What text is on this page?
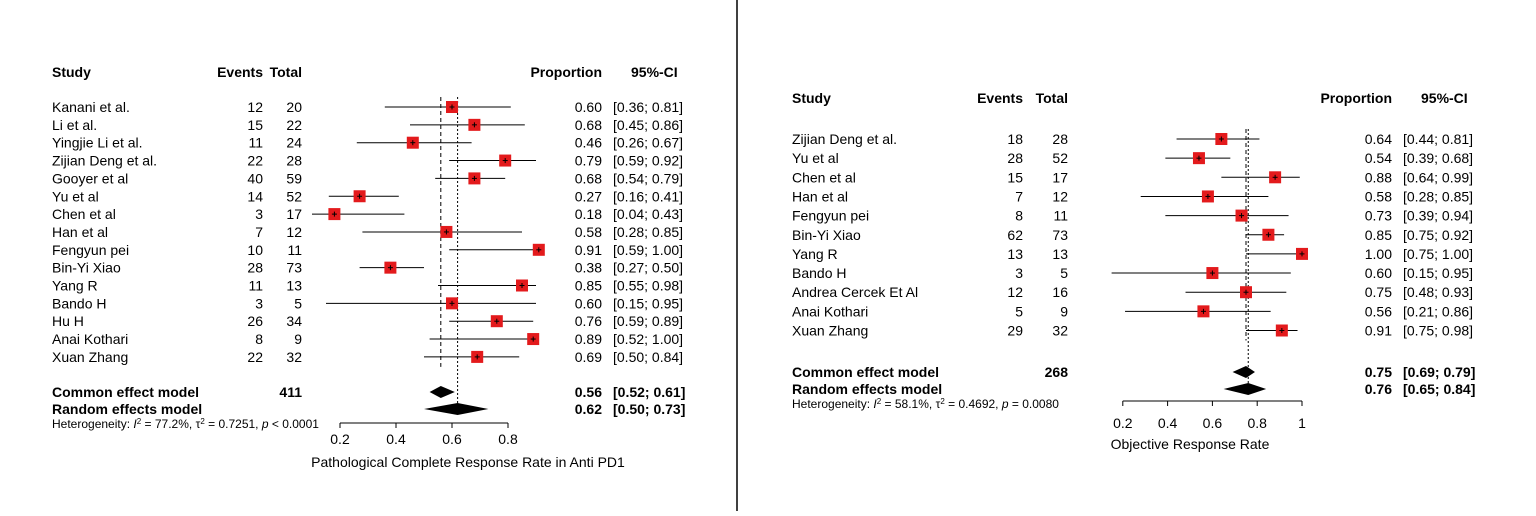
Study	Events Total	Proportion 95%-CI
Kanani et al.	12 20	0.60 [0.36; 0.81]
Li et al.	15 22	0.68 [0.45; 0.86]
Yingjie Li et al.	11 24	0.46 [0.26; 0.67]
Zijian Deng et al.	22 28	0.79 [0.59; 0.92]
Gooyer et al	40 59	0.68 [0.54; 0.79]
Yu et al	14 52	0.27 [0.16; 0.41]
Chen et al	3 17	0.18 [0.04; 0.43]
Han et al	7 12	0.58 [0.28; 0.85]
Fengyun pei	10 11	0.91 [0.59; 1.00]
Bin-Yi Xiao	28 73	0.38 [0.27; 0.50]
Yang R	11 13	0.85 [0.55; 0.98]
Bando H	3 5	0.60 [0.15; 0.95]
Hu H	26 34	0.76 [0.59; 0.89]
Anai Kothari	8 9	0.89 [0.52; 1.00]
Xuan Zhang	22 32	0.69 [0.50; 0.84]
Common effect model	411	0.56 [0.52; 0.61]
Random effects model	0.62 [0.50; 0.73]
Heterogeneity: $I^2 = 77.2\%$, $\tau^2 = 0.7251$, p < 0.0001
0.2	0.4	0.6	0.8
Pathological Complete Response Rate in Anti PD1
Study	Events Total	Proportion 95%-CI
Zijian Deng et al.	18 28	0.64 [0.44; 0.81]
Yu et al	28 52	0.54 [0.39; 0.68]
Chen et al	15 17	0.88 [0.64; 0.99]
Han et al	7 12	0.58 [0.28; 0.85]
Fengyun pei	8 11	0.73 [0.39; 0.94]
Bin-Yi Xiao	62 73	0.85 [0.75; 0.92]
Yang R	13 13	1.00 [0.75; 1.00]
Bando H	3	5	0.60 [0.15; 0.95]
Andrea Cercek Et Al	12 16	0.75 [0.48; 0.93]
Anai Kothari	5	9	0.56 [0.21; 0.86]
Xuan Zhang	29 32	0.91 [0.75; 0.98]
Common effect model	268	0.75 [0.69; 0.79]
Random effects model	0.76 [0.65; 0.84]
Heterogeneity: $I^2 = 58.1\%$, $\tau^2 = 0.4692$, p = 0.0080
0.2 0.4 0.6 0.8 1
Objective Response Rate
